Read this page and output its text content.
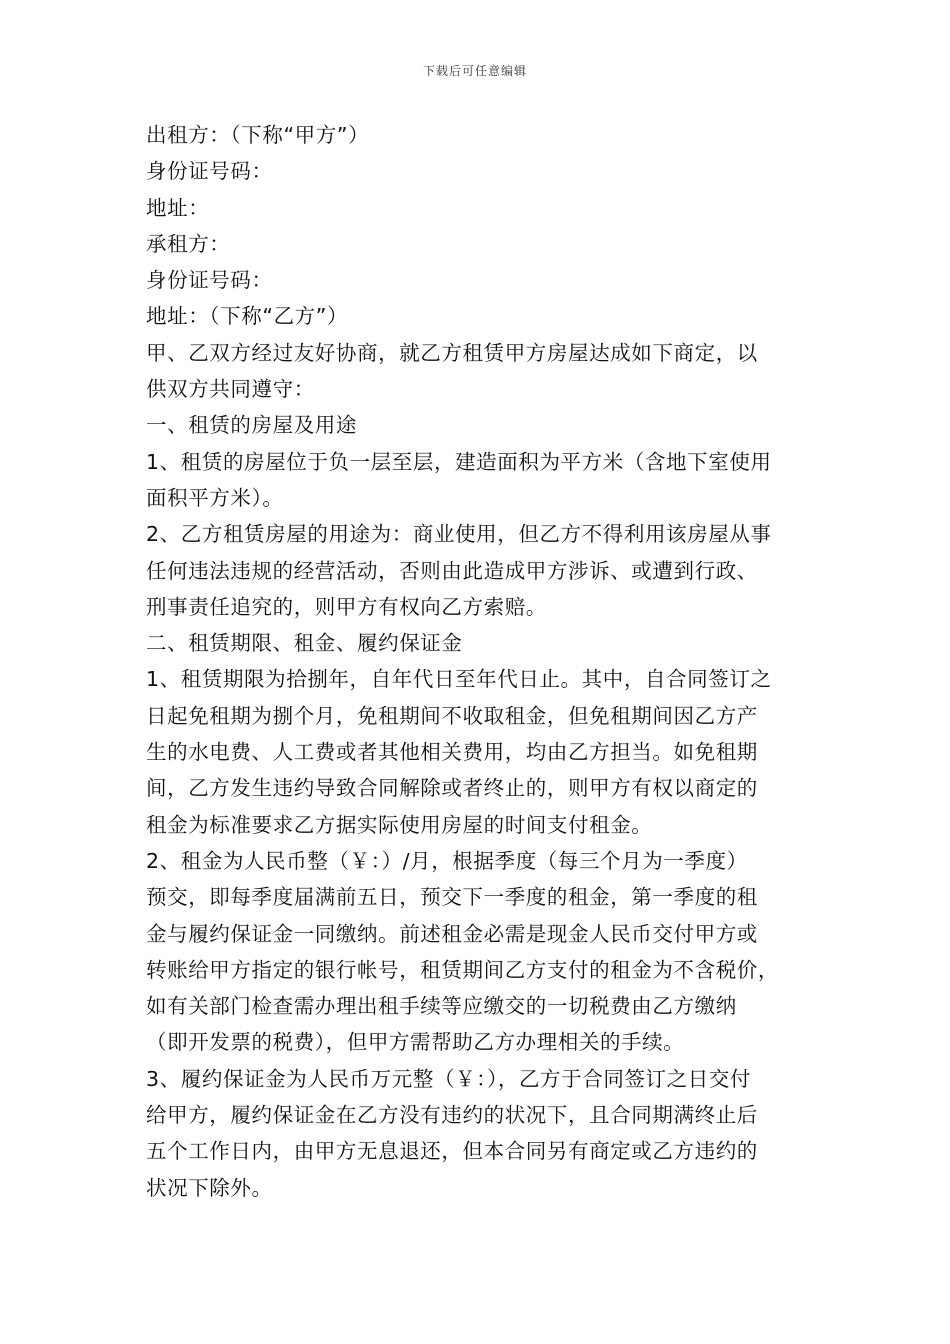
下载后可任意编辑
出租方：（下称“甲方”）
身份证号码：
地址：
承租方：
身份证号码：
地址：（下称“乙方”）
甲、乙双方经过友好协商，就乙方租赁甲方房屋达成如下商定，以
供双方共同遵守：
一、租赁的房屋及用途
1、租赁的房屋位于负一层至层，建造面积为平方米（含地下室使用
面积平方米）。
2、乙方租赁房屋的用途为：商业使用，但乙方不得利用该房屋从事
任何违法违规的经营活动，否则由此造成甲方涉诉、或遭到行政、
刑事责任追究的，则甲方有权向乙方索赔。
二、租赁期限、租金、履约保证金
1、租赁期限为拾捌年，自年代日至年代日止。其中，自合同签订之
日起免租期为捌个月，免租期间不收取租金，但免租期间因乙方产
生的水电费、人工费或者其他相关费用，均由乙方担当。如免租期
间，乙方发生违约导致合同解除或者终止的，则甲方有权以商定的
租金为标准要求乙方据实际使用房屋的时间支付租金。
2、租金为人民币整（￥：）/月，根据季度（每三个月为一季度）
预交，即每季度届满前五日，预交下一季度的租金，第一季度的租
金与履约保证金一同缴纳。前述租金必需是现金人民币交付甲方或
转账给甲方指定的银行帐号，租赁期间乙方支付的租金为不含税价，
如有关部门检查需办理出租手续等应缴交的一切税费由乙方缴纳
（即开发票的税费），但甲方需帮助乙方办理相关的手续。
3、履约保证金为人民币万元整（￥：），乙方于合同签订之日交付
给甲方，履约保证金在乙方没有违约的状况下，且合同期满终止后
五个工作日内，由甲方无息退还，但本合同另有商定或乙方违约的
状况下除外。
